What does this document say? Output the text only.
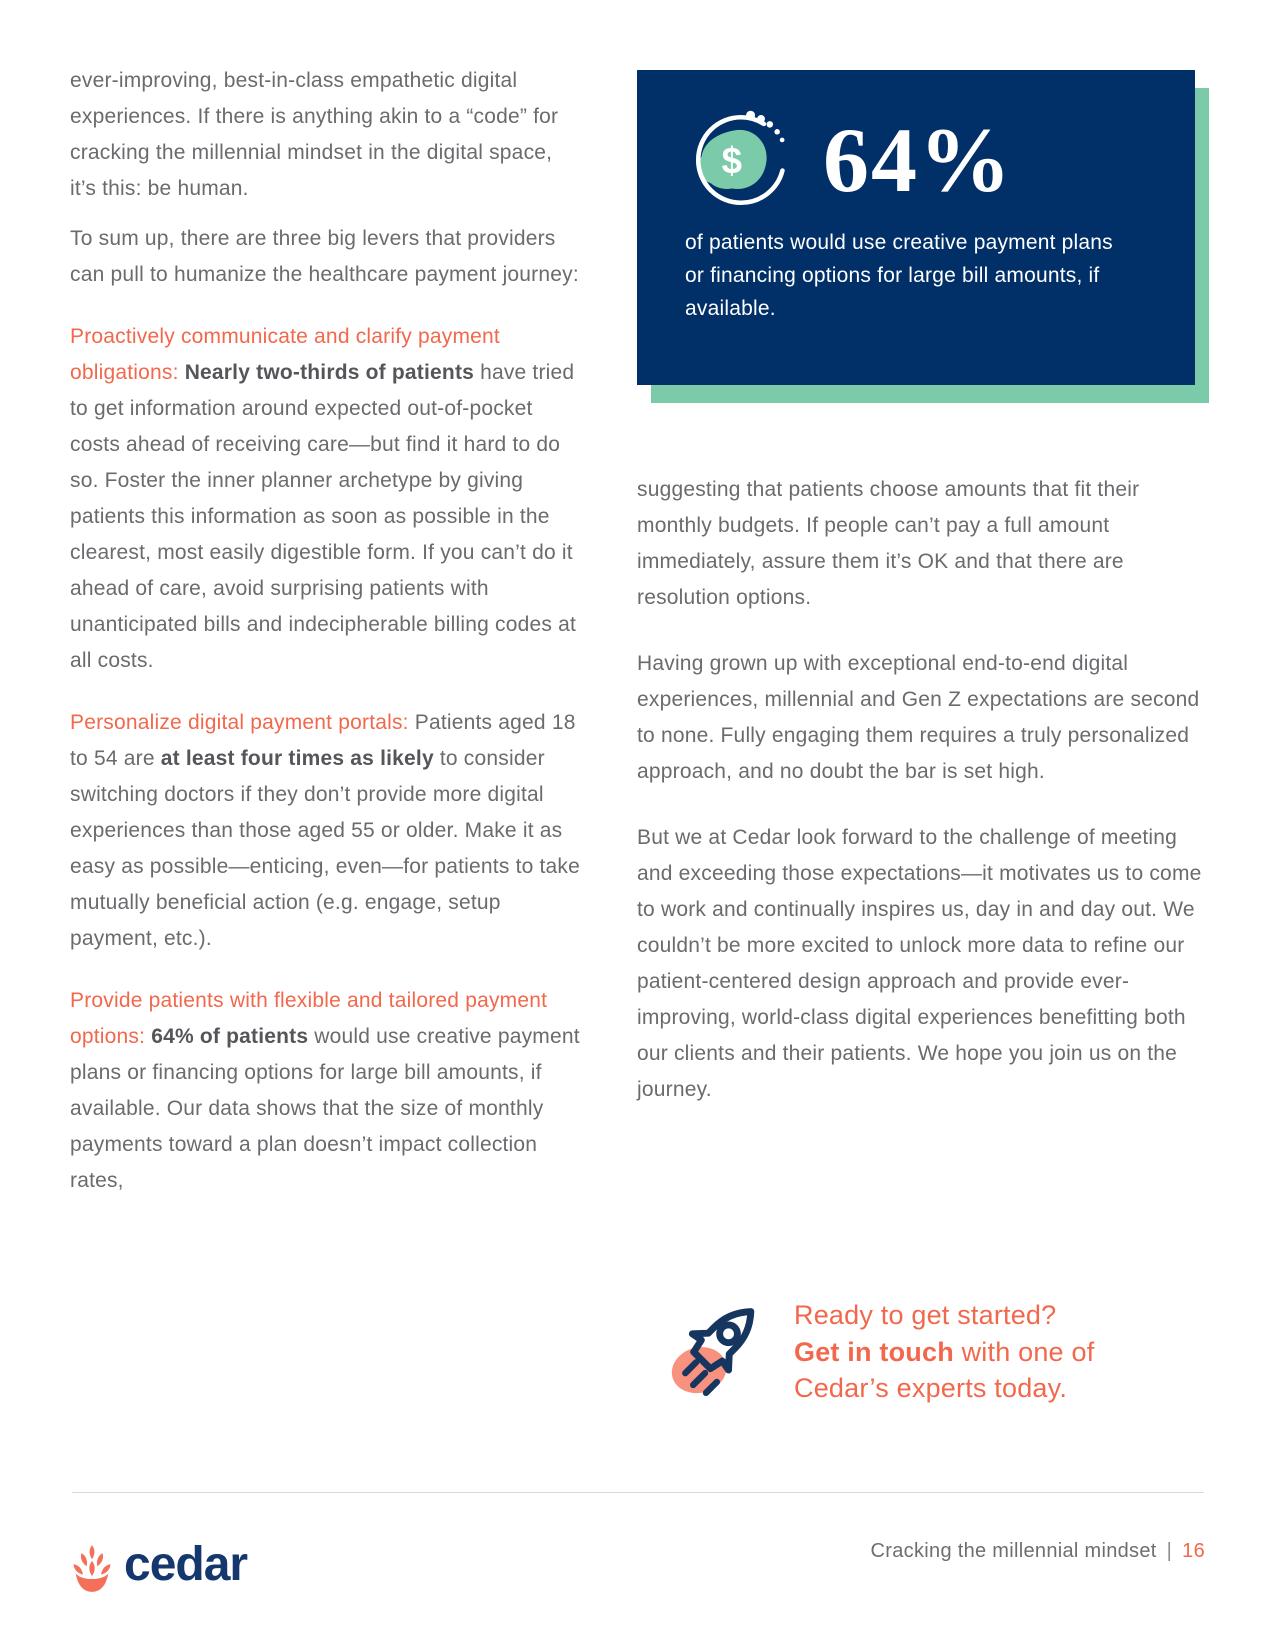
ever-improving, best-in-class empathetic digital experiences. If there is anything akin to a “code” for cracking the millennial mindset in the digital space, it’s this: be human.

To sum up, there are three big levers that providers can pull to humanize the healthcare payment journey:

Proactively communicate and clarify payment obligations: Nearly two-thirds of patients have tried to get information around expected out-of-pocket costs ahead of receiving care—but find it hard to do so. Foster the inner planner archetype by giving patients this information as soon as possible in the clearest, most easily digestible form. If you can’t do it ahead of care, avoid surprising patients with unanticipated bills and indecipherable billing codes at all costs.

Personalize digital payment portals: Patients aged 18 to 54 are at least four times as likely to consider switching doctors if they don’t provide more digital experiences than those aged 55 or older. Make it as easy as possible—enticing, even—for patients to take mutually beneficial action (e.g. engage, setup payment, etc.).

Provide patients with flexible and tailored payment options: 64% of patients would use creative payment plans or financing options for large bill amounts, if available. Our data shows that the size of monthly payments toward a plan doesn’t impact collection rates,

$ 64%

of patients would use creative payment plans or financing options for large bill amounts, if available.

suggesting that patients choose amounts that fit their monthly budgets. If people can’t pay a full amount immediately, assure them it’s OK and that there are resolution options.

Having grown up with exceptional end-to-end digital experiences, millennial and Gen Z expectations are second to none. Fully engaging them requires a truly personalized approach, and no doubt the bar is set high.

But we at Cedar look forward to the challenge of meeting and exceeding those expectations—it motivates us to come to work and continually inspires us, day in and day out. We couldn’t be more excited to unlock more data to refine our patient-centered design approach and provide ever-improving, world-class digital experiences benefitting both our clients and their patients. We hope you join us on the journey.

Ready to get started?
Get in touch with one of
Cedar’s experts today.
cedar	Cracking the millennial mindset | 16
